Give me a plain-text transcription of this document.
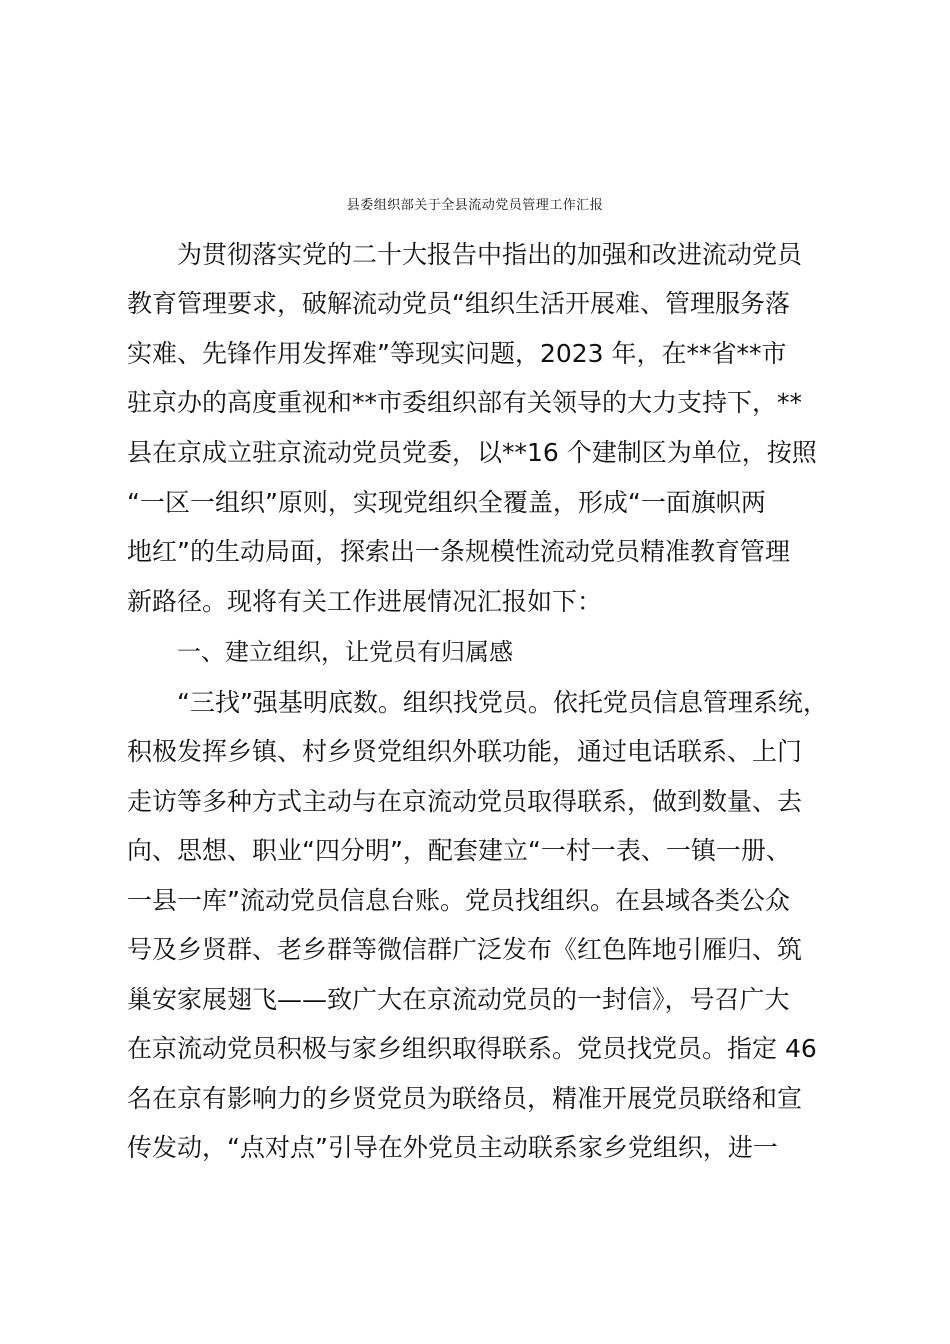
县委组织部关于全县流动党员管理工作汇报
为贯彻落实党的二十大报告中指出的加强和改进流动党员
教育管理要求，破解流动党员“组织生活开展难、管理服务落
实难、先锋作用发挥难”等现实问题，2023 年，在**省**市
驻京办的高度重视和**市委组织部有关领导的大力支持下，**
县在京成立驻京流动党员党委，以**16 个建制区为单位，按照
“一区一组织”原则，实现党组织全覆盖，形成“一面旗帜两
地红”的生动局面，探索出一条规模性流动党员精准教育管理
新路径。现将有关工作进展情况汇报如下：
一、建立组织，让党员有归属感
“三找”强基明底数。组织找党员。依托党员信息管理系统，
积极发挥乡镇、村乡贤党组织外联功能，通过电话联系、上门
走访等多种方式主动与在京流动党员取得联系，做到数量、去
向、思想、职业“四分明”，配套建立“一村一表、一镇一册、
一县一库”流动党员信息台账。党员找组织。在县域各类公众
号及乡贤群、老乡群等微信群广泛发布《红色阵地引雁归、筑
巢安家展翅飞——致广大在京流动党员的一封信》，号召广大
在京流动党员积极与家乡组织取得联系。党员找党员。指定 46
名在京有影响力的乡贤党员为联络员，精准开展党员联络和宣
传发动，“点对点”引导在外党员主动联系家乡党组织，进一
